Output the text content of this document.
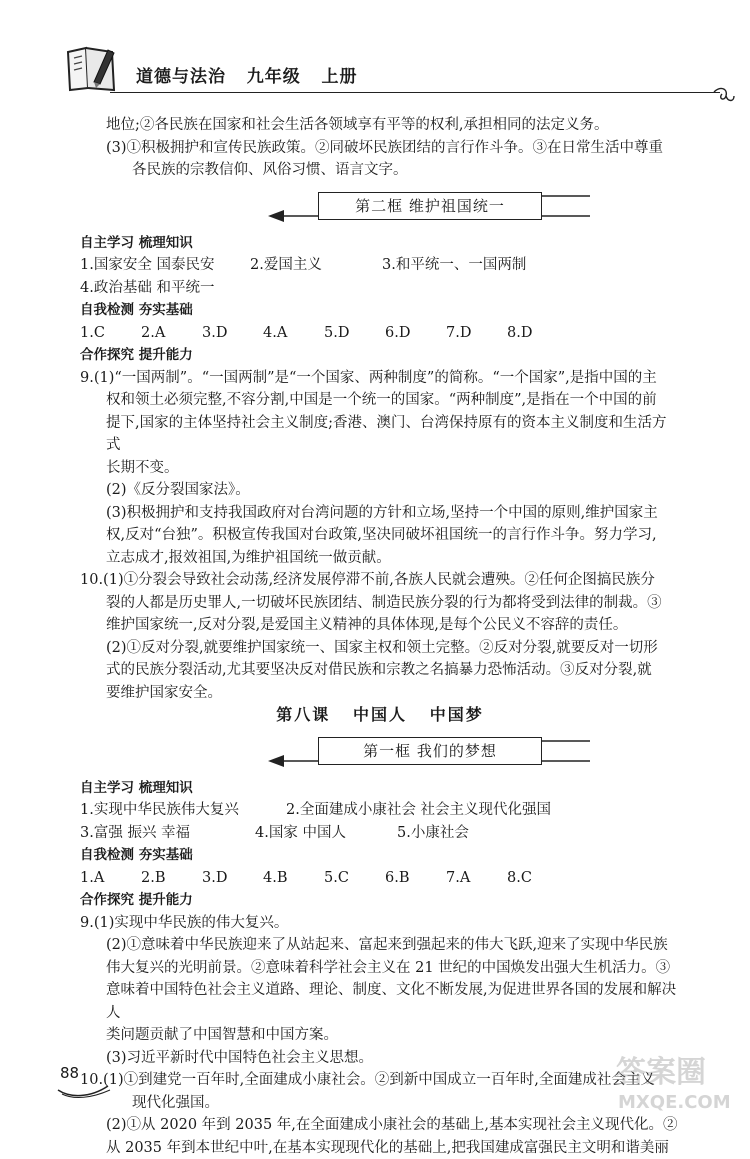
道德与法治   九年级   上册

地位;②各民族在国家和社会生活各领域享有平等的权利,承担相同的法定义务。

(3)①积极拥护和宣传民族政策。②同破坏民族团结的言行作斗争。③在日常生活中尊重

各民族的宗教信仰、风俗习惯、语言文字。

第二框 维护祖国统一

自主学习 梳理知识

1.国家安全 国泰民安	2.爱国主义	3.和平统一、一国两制
4.政治基础 和平统一

自我检测 夯实基础

1.C	2.A	3.D	4.A	5.D	6.D	7.D	8.D

合作探究 提升能力

9.(1)“一国两制”。“一国两制”是“一个国家、两种制度”的简称。“一个国家”,是指中国的主

权和领土必须完整,不容分割,中国是一个统一的国家。“两种制度”,是指在一个中国的前

提下,国家的主体坚持社会主义制度;香港、澳门、台湾保持原有的资本主义制度和生活方式

长期不变。

(2)《反分裂国家法》。

(3)积极拥护和支持我国政府对台湾问题的方针和立场,坚持一个中国的原则,维护国家主

权,反对“台独”。积极宣传我国对台政策,坚决同破坏祖国统一的言行作斗争。努力学习,

立志成才,报效祖国,为维护祖国统一做贡献。

10.(1)①分裂会导致社会动荡,经济发展停滞不前,各族人民就会遭殃。②任何企图搞民族分

裂的人都是历史罪人,一切破坏民族团结、制造民族分裂的行为都将受到法律的制裁。③

维护国家统一,反对分裂,是爱国主义精神的具体体现,是每个公民义不容辞的责任。

(2)①反对分裂,就要维护国家统一、国家主权和领土完整。②反对分裂,就要反对一切形

式的民族分裂活动,尤其要坚决反对借民族和宗教之名搞暴力恐怖活动。③反对分裂,就

要维护国家安全。

第八课   中国人   中国梦

第一框 我们的梦想

自主学习 梳理知识

1.实现中华民族伟大复兴	2.全面建成小康社会 社会主义现代化强国
3.富强 振兴 幸福	4.国家 中国人	5.小康社会

自我检测 夯实基础

1.A	2.B	3.D	4.B	5.C	6.B	7.A	8.C

合作探究 提升能力

9.(1)实现中华民族的伟大复兴。

(2)①意味着中华民族迎来了从站起来、富起来到强起来的伟大飞跃,迎来了实现中华民族

伟大复兴的光明前景。②意味着科学社会主义在 21 世纪的中国焕发出强大生机活力。③

意味着中国特色社会主义道路、理论、制度、文化不断发展,为促进世界各国的发展和解决人

类问题贡献了中国智慧和中国方案。

(3)习近平新时代中国特色社会主义思想。

10.(1)①到建党一百年时,全面建成小康社会。②到新中国成立一百年时,全面建成社会主义

现代化强国。

(2)①从 2020 年到 2035 年,在全面建成小康社会的基础上,基本实现社会主义现代化。②

从 2035 年到本世纪中叶,在基本实现现代化的基础上,把我国建成富强民主文明和谐美丽

88	答案圈
MXQE.COM
